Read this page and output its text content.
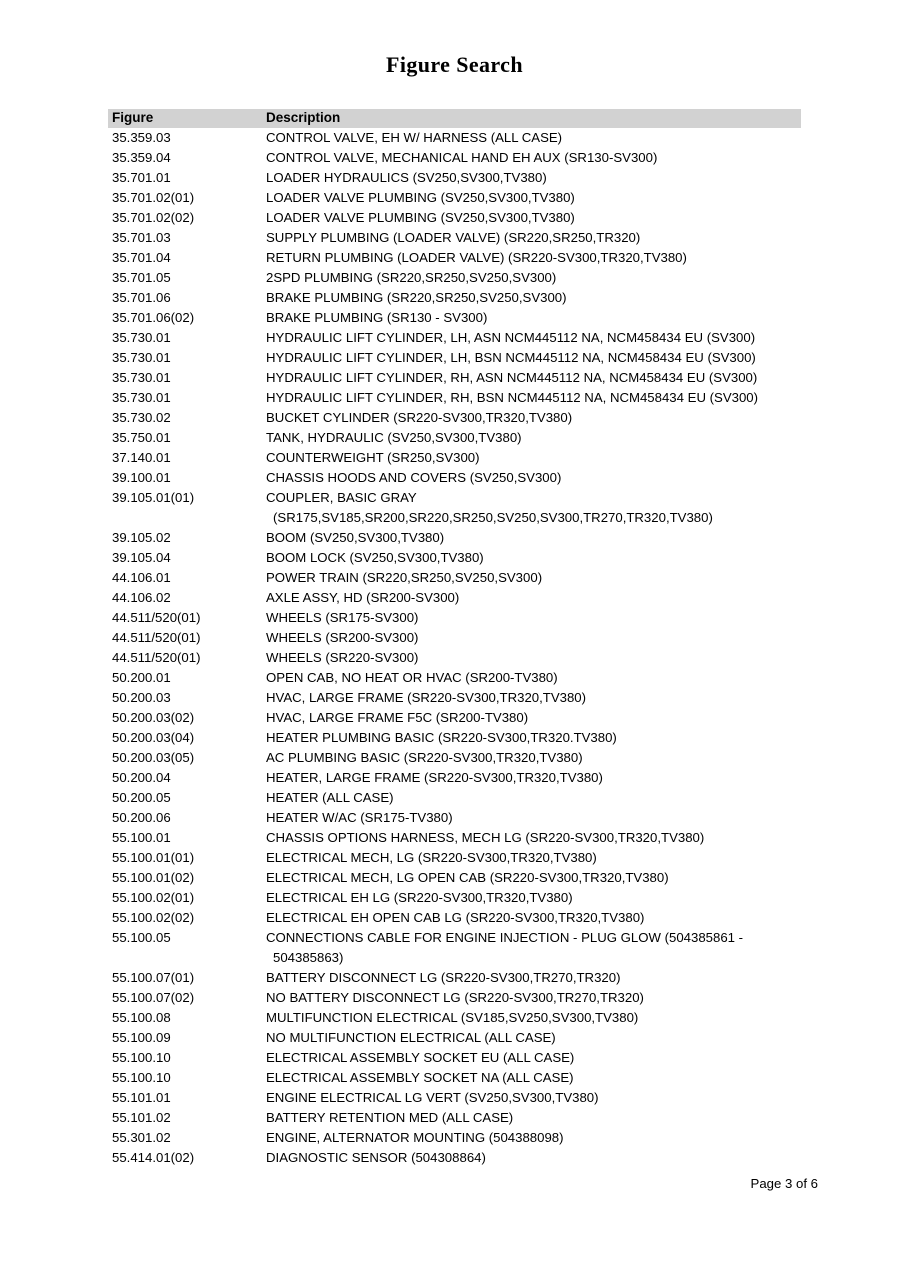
Figure Search
Figure	Description
35.359.03	CONTROL VALVE, EH W/ HARNESS (ALL CASE)
35.359.04	CONTROL VALVE, MECHANICAL HAND EH AUX (SR130-SV300)
35.701.01	LOADER HYDRAULICS (SV250,SV300,TV380)
35.701.02(01)	LOADER VALVE PLUMBING (SV250,SV300,TV380)
35.701.02(02)	LOADER VALVE PLUMBING (SV250,SV300,TV380)
35.701.03	SUPPLY PLUMBING (LOADER VALVE) (SR220,SR250,TR320)
35.701.04	RETURN PLUMBING (LOADER VALVE) (SR220-SV300,TR320,TV380)
35.701.05	2SPD PLUMBING (SR220,SR250,SV250,SV300)
35.701.06	BRAKE PLUMBING (SR220,SR250,SV250,SV300)
35.701.06(02)	BRAKE PLUMBING (SR130 - SV300)
35.730.01	HYDRAULIC LIFT CYLINDER, LH, ASN NCM445112 NA, NCM458434 EU (SV300)
35.730.01	HYDRAULIC LIFT CYLINDER, LH, BSN NCM445112 NA, NCM458434 EU (SV300)
35.730.01	HYDRAULIC LIFT CYLINDER, RH, ASN NCM445112 NA, NCM458434 EU (SV300)
35.730.01	HYDRAULIC LIFT CYLINDER, RH, BSN NCM445112 NA, NCM458434 EU (SV300)
35.730.02	BUCKET CYLINDER (SR220-SV300,TR320,TV380)
35.750.01	TANK, HYDRAULIC (SV250,SV300,TV380)
37.140.01	COUNTERWEIGHT (SR250,SV300)
39.100.01	CHASSIS HOODS AND COVERS (SV250,SV300)
39.105.01(01)	COUPLER, BASIC GRAY
(SR175,SV185,SR200,SR220,SR250,SV250,SV300,TR270,TR320,TV380)

39.105.02	BOOM (SV250,SV300,TV380)
39.105.04	BOOM LOCK (SV250,SV300,TV380)
44.106.01	POWER TRAIN (SR220,SR250,SV250,SV300)
44.106.02	AXLE ASSY, HD (SR200-SV300)
44.511/520(01)	WHEELS (SR175-SV300)
44.511/520(01)	WHEELS (SR200-SV300)
44.511/520(01)	WHEELS (SR220-SV300)
50.200.01	OPEN CAB, NO HEAT OR HVAC (SR200-TV380)
50.200.03	HVAC, LARGE FRAME (SR220-SV300,TR320,TV380)
50.200.03(02)	HVAC, LARGE FRAME F5C (SR200-TV380)
50.200.03(04)	HEATER PLUMBING BASIC (SR220-SV300,TR320.TV380)
50.200.03(05)	AC PLUMBING BASIC (SR220-SV300,TR320,TV380)
50.200.04	HEATER, LARGE FRAME (SR220-SV300,TR320,TV380)
50.200.05	HEATER (ALL CASE)
50.200.06	HEATER W/AC (SR175-TV380)
55.100.01	CHASSIS OPTIONS HARNESS, MECH LG (SR220-SV300,TR320,TV380)
55.100.01(01)	ELECTRICAL MECH, LG (SR220-SV300,TR320,TV380)
55.100.01(02)	ELECTRICAL MECH, LG OPEN CAB (SR220-SV300,TR320,TV380)
55.100.02(01)	ELECTRICAL EH LG (SR220-SV300,TR320,TV380)
55.100.02(02)	ELECTRICAL EH OPEN CAB LG (SR220-SV300,TR320,TV380)
55.100.05	CONNECTIONS CABLE FOR ENGINE INJECTION - PLUG GLOW (504385861 -
504385863)

55.100.07(01)	BATTERY DISCONNECT LG (SR220-SV300,TR270,TR320)
55.100.07(02)	NO BATTERY DISCONNECT LG (SR220-SV300,TR270,TR320)
55.100.08	MULTIFUNCTION ELECTRICAL (SV185,SV250,SV300,TV380)
55.100.09	NO MULTIFUNCTION ELECTRICAL (ALL CASE)
55.100.10	ELECTRICAL ASSEMBLY SOCKET EU (ALL CASE)
55.100.10	ELECTRICAL ASSEMBLY SOCKET NA (ALL CASE)
55.101.01	ENGINE ELECTRICAL LG VERT (SV250,SV300,TV380)
55.101.02	BATTERY RETENTION MED (ALL CASE)
55.301.02	ENGINE, ALTERNATOR MOUNTING (504388098)
55.414.01(02)	DIAGNOSTIC SENSOR (504308864)
Page 3 of 6
